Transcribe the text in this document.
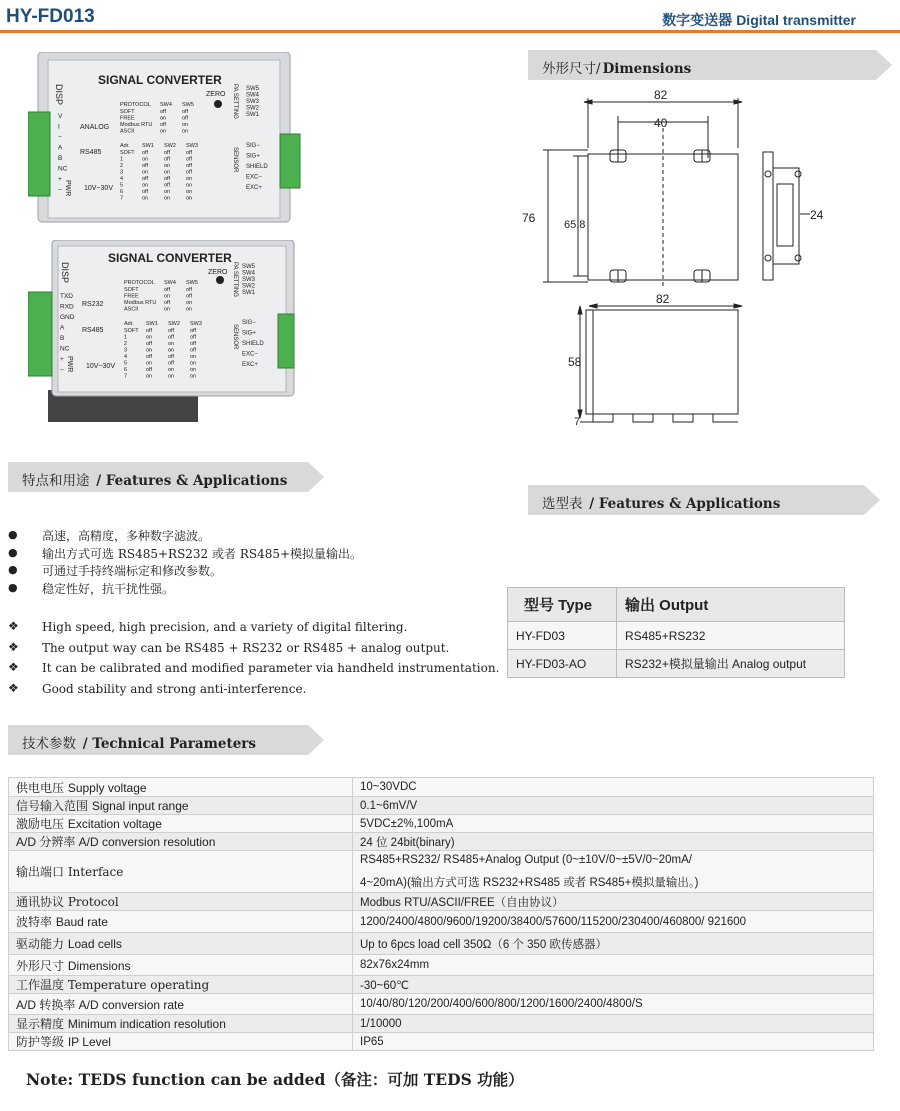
HY-FD013	数字变送器 Digital transmitter
SIGNAL CONVERTER
DISP	ZERO
V
I
−
A
B
NC
+
−
ANALOG
RS485
PWR 10V~30V
PROTOCOL SW4 SW5
SOFT	off	off
FREE	on	off
Modbus RTU off	on
ASCII	on	on
Adr. SW1 SW2 SW3
SOFT off	off	off
1	on	off	off
2	off	on	off
3	on	on	off
4	off	off	on
5	on	off	on
6	off	on	on
7	on	on	on
PA SETTING SW5
SW4
SW3
SW2
SW1
SENSOR
SIG−
SIG+
SHIELD
EXC−
EXC+
SIGNAL CONVERTER
DISP	ZERO
TXD
RXD
GND
A
B
NC
+
−
RS232
RS485
PWR 10V~30V
PROTOCOL SW4 SW5
SOFT	off	off
FREE	on	off
Modbus RTU off	on
ASCII	on	on
Adr. SW1 SW2 SW3
SOFT off	off	off
1	on	off	off
2	off	on	off
3	on	on	off
4	off	off	on
5	on	off	on
6	off	on	on
7	on	on	on
PA SETTING SW5
SW4
SW3
SW2
SW1
SENSOR
SIG−
SIG+
SHIELD
EXC−
EXC+
外形尺寸/ Dimensions
82
40
76	65.8
24
82
58
7
特点和用途 / Features & Applications
● 高速，高精度，多种数字滤波。
● 输出方式可选 RS485+RS232 或者 RS485+模拟量输出。
● 可通过手持终端标定和修改参数。
● 稳定性好，抗干扰性强。
❖ High speed, high precision, and a variety of digital filtering.
❖ The output way can be RS485 + RS232 or RS485 + analog output.
❖ It can be calibrated and modified parameter via handheld instrumentation.
❖ Good stability and strong anti-interference.
选型表 / Features & Applications
型号 Type	输出 Output
HY-FD03	RS485+RS232
HY-FD03-AO	RS232+模拟量输出 Analog output
技术参数 / Technical Parameters
供电电压 Supply voltage	10~30VDC

信号输入范围 Signal input range	0.1~6mV/V

激励电压 Excitation voltage	5VDC±2%,100mA

A/D 分辨率 A/D conversion resolution	24 位 24bit(binary)

输出端口 Interface	RS485+RS232/ RS485+Analog Output (0~±10V/0~±5V/0~20mA/
4~20mA)(输出方式可选 RS232+RS485 或者 RS485+模拟量输出。)

通讯协议 Protocol	Modbus RTU/ASCII/FREE（自由协议）

波特率 Baud rate	1200/2400/4800/9600/19200/38400/57600/115200/230400/460800/ 921600

驱动能力 Load cells	Up to 6pcs load cell 350Ω（6 个 350 欧传感器）

外形尺寸 Dimensions	82x76x24mm

工作温度 Temperature operating	-30~60℃

A/D 转换率 A/D conversion rate	10/40/80/120/200/400/600/800/1200/1600/2400/4800/S

显示精度 Minimum indication resolution	1/10000

防护等级 IP Level	IP65
Note: TEDS function can be added（备注：可加 TEDS 功能）
